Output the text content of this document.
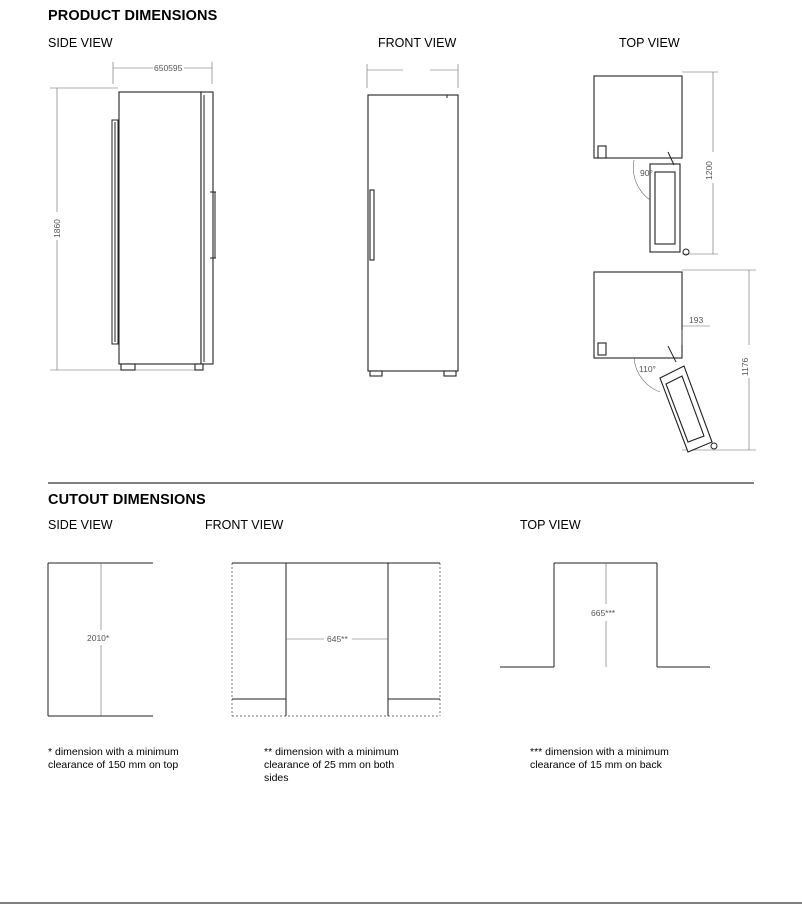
PRODUCT DIMENSIONS
SIDE VIEW	FRONT VIEW	TOP VIEW
CUTOUT DIMENSIONS
SIDE VIEW	FRONT VIEW	TOP VIEW
650595
1860
1200
90°
1176
193
110°
2010*	645**
665***
* dimension with a minimum clearance of 150 mm on top
** dimension with a minimum clearance of 25 mm on both sides
*** dimension with a minimum clearance of 15 mm on back
